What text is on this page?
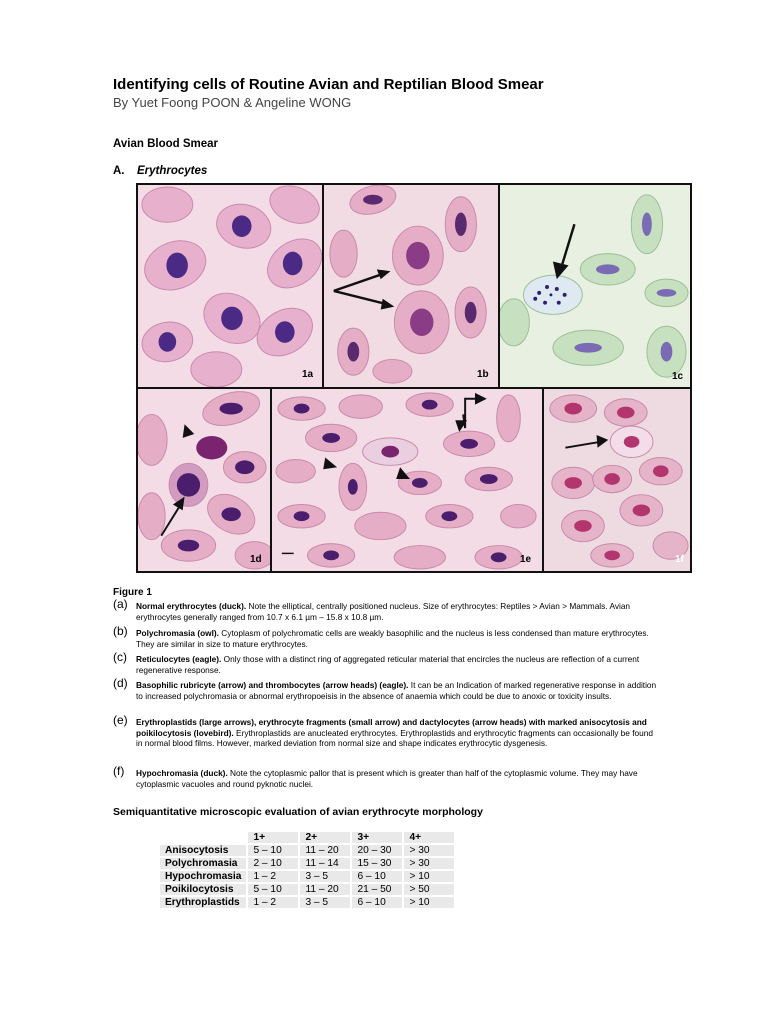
Identifying cells of Routine Avian and Reptilian Blood Smear
By Yuet Foong POON & Angeline WONG
Avian Blood Smear
A. Erythrocytes
1a	1b	1c
1d	1e	1f
Figure 1
(a) Normal erythrocytes (duck). Note the elliptical, centrally positioned nucleus. Size of erythrocytes: Reptiles > Avian > Mammals. Avian erythrocytes generally ranged from 10.7 x 6.1 µm – 15.8 x 10.8 µm.
(b) Polychromasia (owl). Cytoplasm of polychromatic cells are weakly basophilic and the nucleus is less condensed than mature erythrocytes. They are similar in size to mature erythrocytes.
(c) Reticulocytes (eagle). Only those with a distinct ring of aggregated reticular material that encircles the nucleus are reflection of a current regenerative response.
(d) Basophilic rubricyte (arrow) and thrombocytes (arrow heads) (eagle). It can be an Indication of marked regenerative response in addition to increased polychromasia or abnormal erythropoeisis in the absence of anaemia which could be due to anoxic or toxicity insults.
(e) Erythroplastids (large arrows), erythrocyte fragments (small arrow) and dactylocytes (arrow heads) with marked anisocytosis and poikilocytosis (lovebird). Erythroplastids are anucleated erythrocytes. Erythroplastids and erythrocytic fragments can occasionally be found in normal blood films. However, marked deviation from normal size and shape indicates erythrocytic dysgenesis.
(f) Hypochromasia (duck). Note the cytoplasmic pallor that is present which is greater than half of the cytoplasmic volume. They may have cytoplasmic vacuoles and round pyknotic nuclei.
Semiquantitative microscopic evaluation of avian erythrocyte morphology
	1+	2+	3+	4+
Anisocytosis	5 – 10	11 – 20	20 – 30	> 30
Polychromasia	2 – 10	11 – 14	15 – 30	> 30
Hypochromasia	1 – 2	3 – 5	6 – 10	> 10
Poikilocytosis	5 – 10	11 – 20	21 – 50	> 50
Erythroplastids	1 – 2	3 – 5	6 – 10	> 10
